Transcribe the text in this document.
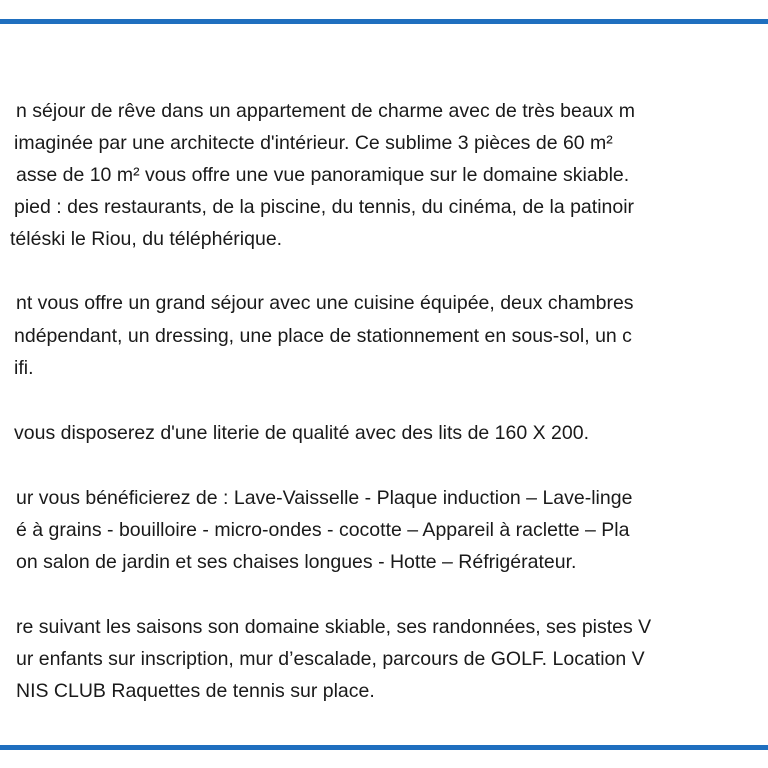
n séjour de rêve dans un appartement de charme avec de très beaux m
imaginée par une architecte d'intérieur. Ce sublime 3 pièces de 60 m²
asse de 10 m² vous offre une vue panoramique sur le domaine skiable.
pied : des restaurants, de la piscine, du tennis, du cinéma, de la patinoir
téléski le Riou, du téléphérique.
nt vous offre un grand séjour avec une cuisine équipée, deux chambres
ndépendant, un dressing, une place de stationnement en sous-sol, un c
ifi.
vous disposerez d'une literie de qualité avec des lits de 160 X 200.
ur vous bénéficierez de : Lave-Vaisselle - Plaque induction – Lave-linge
é à grains - bouilloire - micro-ondes - cocotte – Appareil à raclette – Pla
on salon de jardin et ses chaises longues - Hotte – Réfrigérateur.
re suivant les saisons son domaine skiable, ses randonnées, ses pistes V
ur enfants sur inscription, mur d’escalade, parcours de GOLF. Location V
NIS CLUB Raquettes de tennis sur place.
